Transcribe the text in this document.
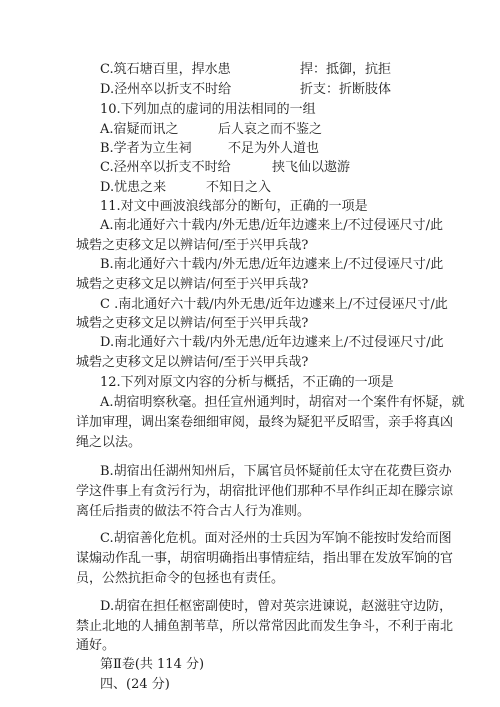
C.筑石塘百里，捍水患	捍：抵御，抗拒
D.泾州卒以折支不时给	折支：折断肢体
10.下列加点的虚词的用法相同的一组
A.宿疑而讯之	后人哀之而不鉴之
B.学者为立生祠	不足为外人道也
C.泾州卒以折支不时给	挟飞仙以遨游
D.忧患之来	不知日之入
11.对文中画波浪线部分的断句，正确的一项是
A.南北通好六十载内/外无患/近年边遽来上/不过侵诬尺寸/此
城砦之吏移文足以辨诘何/至于兴甲兵哉?
B.南北通好六十载内/外无患/近年边遽来上/不过侵诬尺寸/此
城砦之吏移文足以辨诘/何至于兴甲兵哉?
C .南北通好六十载/内外无患/近年边遽来上/不过侵诬尺寸/此
城砦之吏移文足以辨诘/何至于兴甲兵哉?
D.南北通好六十载/内外无患/近年边遽来上/不过侵诬尺寸/此
城砦之吏移文足以辨诘何/至于兴甲兵哉?
12.下列对原文内容的分析与概括，不正确的一项是
A.胡宿明察秋毫。担任宣州通判时，胡宿对一个案件有怀疑，就
详加审理，调出案卷细细审阅，最终为疑犯平反昭雪，亲手将真凶
绳之以法。
B.胡宿出任湖州知州后，下属官员怀疑前任太守在花费巨资办
学这件事上有贪污行为，胡宿批评他们那种不早作纠正却在滕宗谅
离任后指责的做法不符合古人行为准则。
C.胡宿善化危机。面对泾州的士兵因为军饷不能按时发给而图
谋煽动作乱一事，胡宿明确指出事情症结，指出罪在发放军饷的官
员，公然抗拒命令的包拯也有责任。
D.胡宿在担任枢密副使时，曾对英宗进谏说，赵滋驻守边防，
禁止北地的人捕鱼割苇草，所以常常因此而发生争斗，不利于南北
通好。
第Ⅱ卷(共 114 分)
四、(24 分)
